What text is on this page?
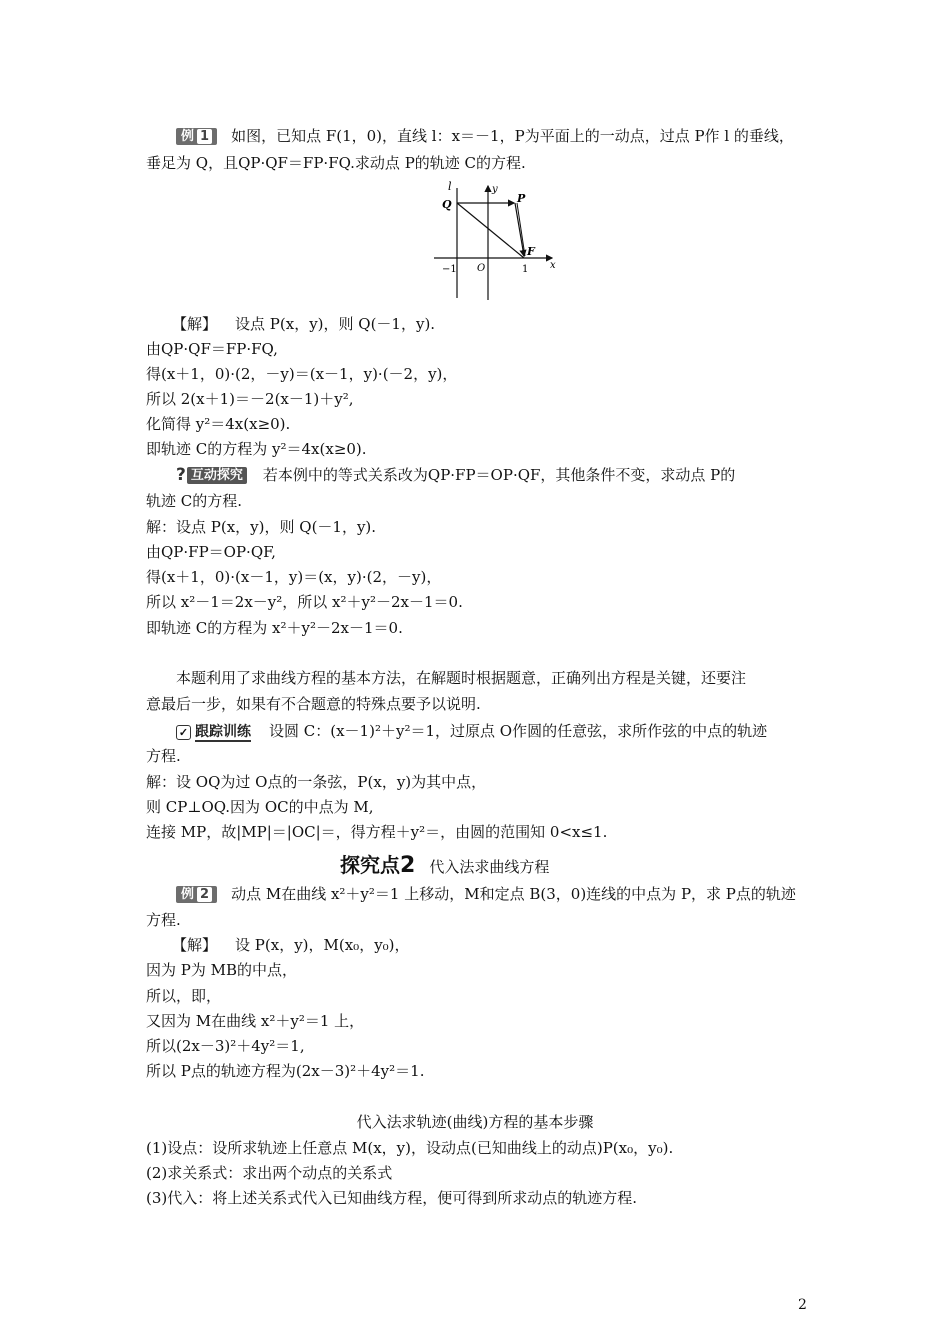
例 1 如图，已知点 F(1，0)，直线 l：x＝－1，P为平面上的一动点，过点 P作 l 的垂线，
垂足为 Q，且QP·QF＝FP·FQ.求动点 P的轨迹 C的方程.
l	y
Q	P
F
−1 O	1 x
【解】 设点 P(x，y)，则 Q(－1，y).
由QP·QF＝FP·FQ,
得(x＋1，0)·(2，－y)＝(x－1，y)·(－2，y)，
所以 2(x＋1)＝－2(x－1)＋y²,
化简得 y²＝4x(x≥0).
即轨迹 C的方程为 y²＝4x(x≥0).
? 互动探究 若本例中的等式关系改为QP·FP＝OP·QF，其他条件不变，求动点 P的
轨迹 C的方程.
解：设点 P(x，y)，则 Q(－1，y).
由QP·FP＝OP·QF,
得(x＋1，0)·(x－1，y)＝(x，y)·(2，－y)，
所以 x²－1＝2x－y²，所以 x²＋y²－2x－1＝0.
即轨迹 C的方程为 x²＋y²－2x－1＝0.
本题利用了求曲线方程的基本方法，在解题时根据题意，正确列出方程是关键，还要注
意最后一步，如果有不合题意的特殊点要予以说明.
✓ 跟踪训练 设圆 C：(x－1)²＋y²＝1，过原点 O作圆的任意弦，求所作弦的中点的轨迹
方程.
解：设 OQ为过 O点的一条弦，P(x，y)为其中点，
则 CP⊥OQ.因为 OC的中点为 M,
连接 MP，故|MP|＝|OC|＝，得方程＋y²＝，由圆的范围知 0<x≤1.
探究点2 代入法求曲线方程
例 2 动点 M在曲线 x²＋y²＝1 上移动，M和定点 B(3，0)连线的中点为 P，求 P点的轨迹
方程.
【解】 设 P(x，y)，M(x₀，y₀)，
因为 P为 MB的中点，
所以，即，
又因为 M在曲线 x²＋y²＝1 上，
所以(2x－3)²＋4y²＝1,
所以 P点的轨迹方程为(2x－3)²＋4y²＝1.
代入法求轨迹(曲线)方程的基本步骤
(1)设点：设所求轨迹上任意点 M(x，y)，设动点(已知曲线上的动点)P(x₀，y₀).
(2)求关系式：求出两个动点的关系式
(3)代入：将上述关系式代入已知曲线方程，便可得到所求动点的轨迹方程.
2
